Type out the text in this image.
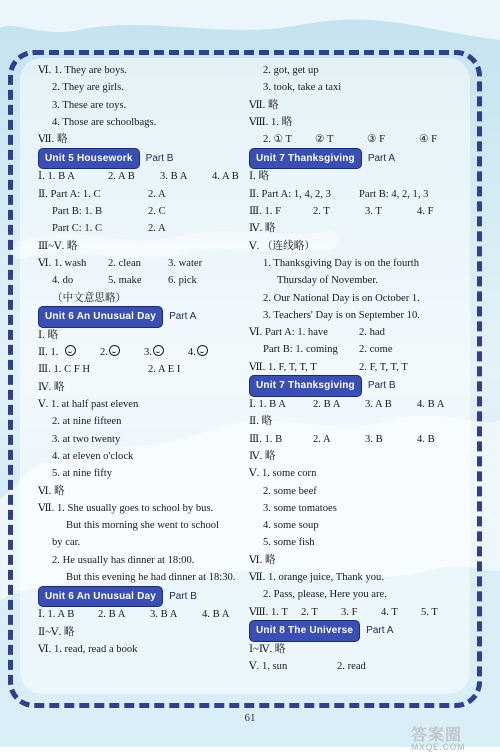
Ⅵ. 1. They are boys.
2. They are girls.
3. These are toys.
4. Those are schoolbags.
Ⅶ. 略
Unit 5 Housework	Part B
Ⅰ. 1. B A	2. A B 3. B A 4. A B
Ⅱ. Part A: 1. C	2. A
Part B: 1. B	2. C
Part C: 1. C	2. A
Ⅲ~Ⅴ. 略
Ⅵ. 1. wash 2. clean	3. water
4. do	5. make 6. pick
（中文意思略）
Unit 6 An Unusual Day	Part A
Ⅰ. 略
Ⅱ. 1.	2.	3.	4.
Ⅲ. 1. C F H	2. A E I
Ⅳ. 略
Ⅴ. 1. at half past eleven
2. at nine fifteen
3. at two twenty
4. at eleven o'clock
5. at nine fifty
Ⅵ. 略
Ⅶ. 1. She usually goes to school by bus.
But this morning she went to school
by car.
2. He usually has dinner at 18:00.
But this evening he had dinner at 18:30.
Unit 6 An Unusual Day	Part B
Ⅰ. 1. A B 2. B A 3. B A 4. B A
Ⅱ~Ⅴ. 略
Ⅵ. 1. read, read a book
2. got, get up
3. took, take a taxi
Ⅶ. 略
Ⅷ. 1. 略
2. ① T ② T	③ F	④ F
Unit 7 Thanksgiving	Part A
Ⅰ. 略
Ⅱ. Part A: 1, 4, 2, 3	Part B: 4, 2, 1, 3
Ⅲ. 1. F	2. T	3. T	4. F
Ⅳ. 略
Ⅴ. （连线略）
1. Thanksgiving Day is on the fourth
Thursday of November.
2. Our National Day is on October 1.
3. Teachers' Day is on September 10.
Ⅵ. Part A: 1. have	2. had
Part B: 1. coming 2. come
Ⅶ. 1. F, T, T, T	2. F, T, T, T
Unit 7 Thanksgiving	Part B
Ⅰ. 1. B A	2. B A 3. A B 4. B A
Ⅱ. 略
Ⅲ. 1. B	2. A	3. B	4. B
Ⅳ. 略
Ⅴ. 1. some corn
2. some beef
3. some tomatoes
4. some soup
5. some fish
Ⅵ. 略
Ⅶ. 1. orange juice, Thank you.
2. Pass, please, Here you are.
Ⅷ. 1. T 2. T 3. F 4. T 5. T
Unit 8 The Universe	Part A
Ⅰ~Ⅳ. 略
Ⅴ. 1. sun	2. read
61
答案圈
MXQE.COM
